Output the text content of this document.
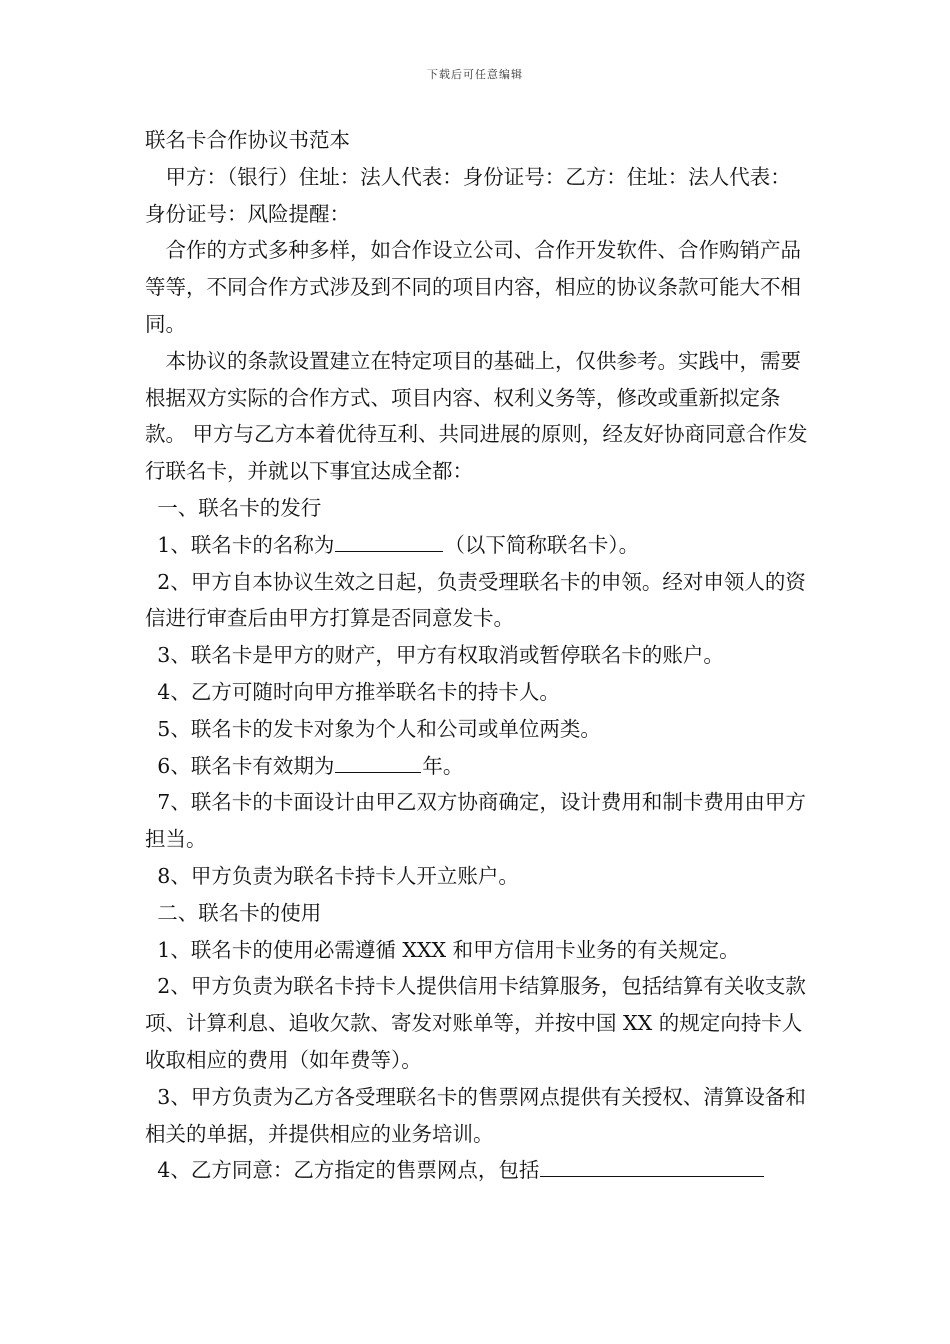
下载后可任意编辑

联名卡合作协议书范本

甲方：（银行）住址：法人代表：身份证号：乙方：住址：法人代表：身份证号：风险提醒：

合作的方式多种多样，如合作设立公司、合作开发软件、合作购销产品等等，不同合作方式涉及到不同的项目内容，相应的协议条款可能大不相同。

本协议的条款设置建立在特定项目的基础上，仅供参考。实践中，需要根据双方实际的合作方式、项目内容、权利义务等，修改或重新拟定条款。 甲方与乙方本着优待互利、共同进展的原则，经友好协商同意合作发行联名卡，并就以下事宜达成全都：

一、联名卡的发行

1、联名卡的名称为	（以下简称联名卡）。

2、甲方自本协议生效之日起，负责受理联名卡的申领。经对申领人的资信进行审查后由甲方打算是否同意发卡。

3、联名卡是甲方的财产，甲方有权取消或暂停联名卡的账户。

4、乙方可随时向甲方推举联名卡的持卡人。

5、联名卡的发卡对象为个人和公司或单位两类。

6、联名卡有效期为	年。

7、联名卡的卡面设计由甲乙双方协商确定，设计费用和制卡费用由甲方担当。

8、甲方负责为联名卡持卡人开立账户。

二、联名卡的使用

1、联名卡的使用必需遵循 XXX 和甲方信用卡业务的有关规定。

2、甲方负责为联名卡持卡人提供信用卡结算服务，包括结算有关收支款项、计算利息、追收欠款、寄发对账单等，并按中国 XX 的规定向持卡人收取相应的费用（如年费等）。

3、甲方负责为乙方各受理联名卡的售票网点提供有关授权、清算设备和相关的单据，并提供相应的业务培训。

4、乙方同意：乙方指定的售票网点，包括
